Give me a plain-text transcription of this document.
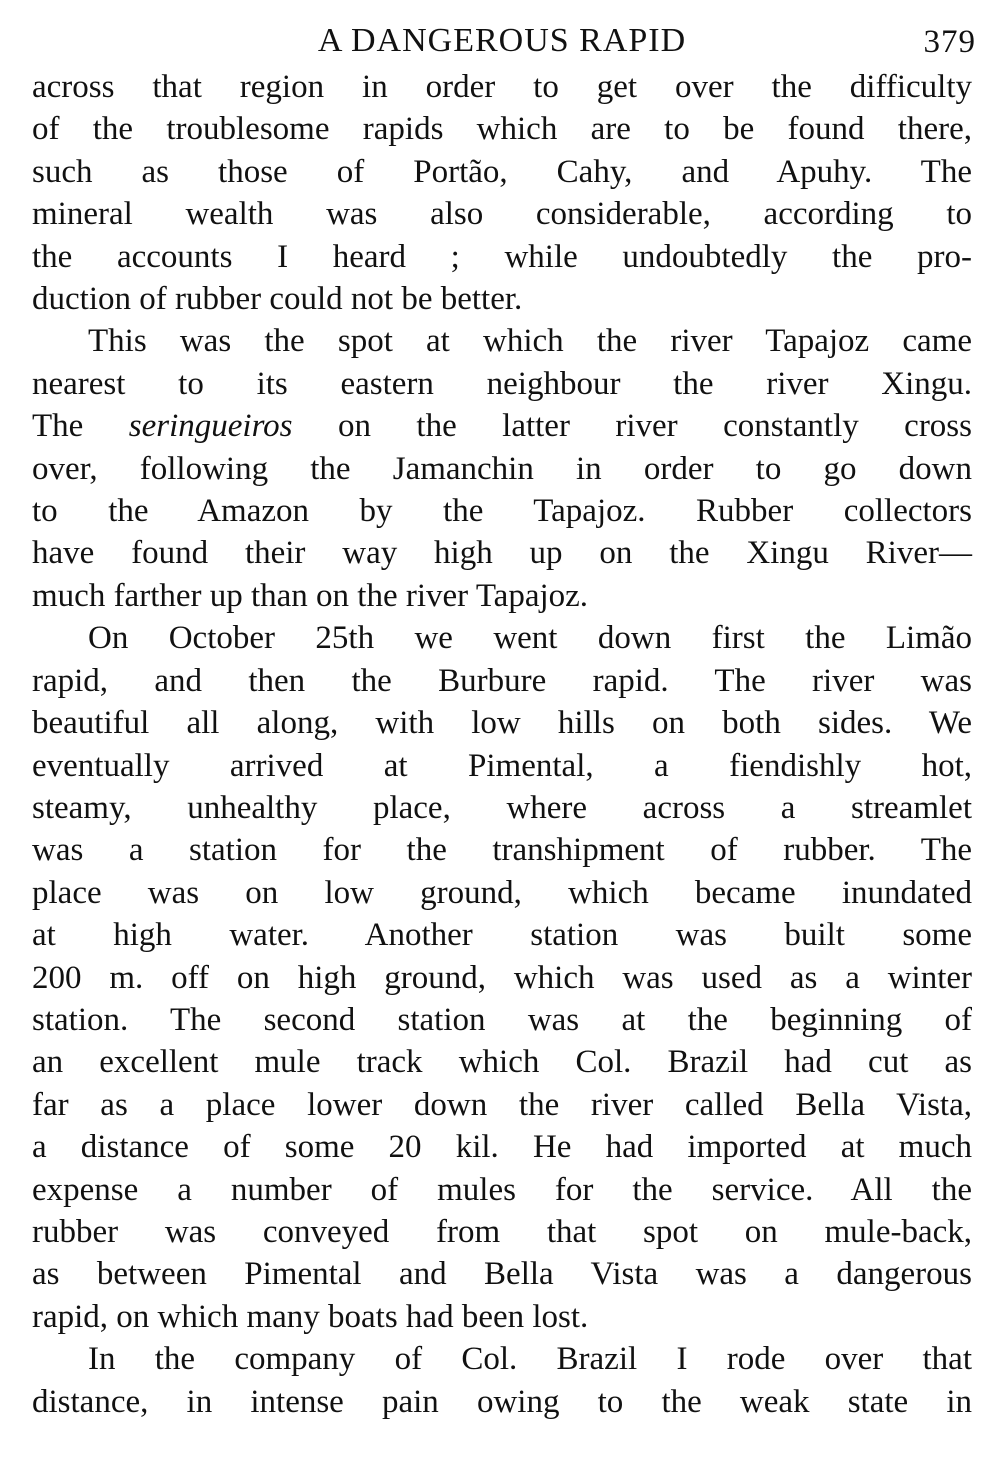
A DANGEROUS RAPID	379

across that region in order to get over the difficulty

of the troublesome rapids which are to be found there,

such as those of Portão, Cahy, and Apuhy. The

mineral wealth was also considerable, according to

the accounts I heard ; while undoubtedly the pro-

duction of rubber could not be better.

This was the spot at which the river Tapajoz came

nearest to its eastern neighbour the river Xingu.

The seringueiros on the latter river constantly cross

over, following the Jamanchin in order to go down

to the Amazon by the Tapajoz. Rubber collectors

have found their way high up on the Xingu River—

much farther up than on the river Tapajoz.

On October 25th we went down first the Limão

rapid, and then the Burbure rapid. The river was

beautiful all along, with low hills on both sides. We

eventually arrived at Pimental, a fiendishly hot,

steamy, unhealthy place, where across a streamlet

was a station for the transhipment of rubber. The

place was on low ground, which became inundated

at high water. Another station was built some

200 m. off on high ground, which was used as a winter

station. The second station was at the beginning of

an excellent mule track which Col. Brazil had cut as

far as a place lower down the river called Bella Vista,

a distance of some 20 kil. He had imported at much

expense a number of mules for the service. All the

rubber was conveyed from that spot on mule-back,

as between Pimental and Bella Vista was a dangerous

rapid, on which many boats had been lost.

In the company of Col. Brazil I rode over that

distance, in intense pain owing to the weak state in
